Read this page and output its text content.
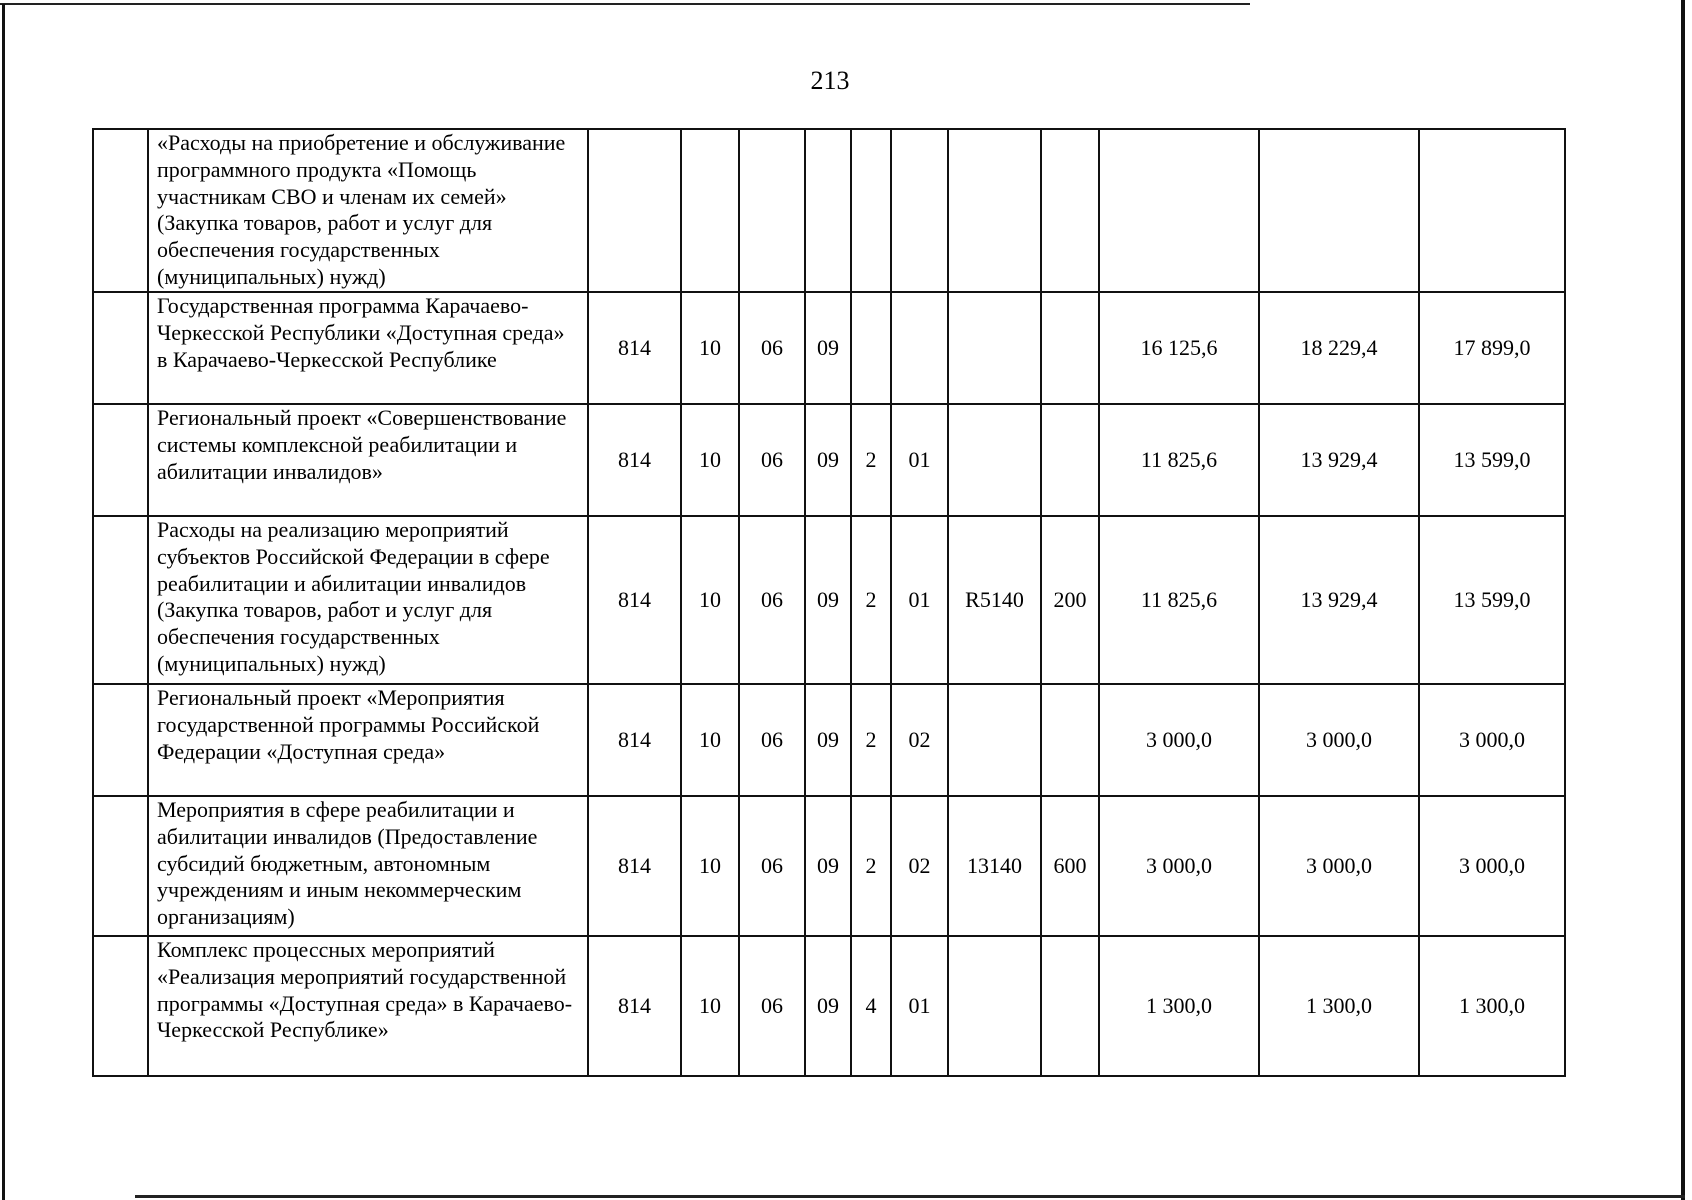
213
	«Расходы на приобретение и обслуживание программного продукта «Помощь участникам СВО и членам их семей» (Закупка товаров, работ и услуг для обеспечения государственных (муниципальных) нужд)											
	Государственная программа Карачаево-Черкесской Республики «Доступная среда» в Карачаево-Черкесской Республике	814	10	06	09					16 125,6	18 229,4	17 899,0
	Региональный проект «Совершенствование системы комплексной реабилитации и абилитации инвалидов»	814	10	06	09	2	01			11 825,6	13 929,4	13 599,0
	Расходы на реализацию мероприятий субъектов Российской Федерации в сфере реабилитации и абилитации инвалидов (Закупка товаров, работ и услуг для обеспечения государственных (муниципальных) нужд)	814	10	06	09	2	01	R5140	200	11 825,6	13 929,4	13 599,0
	Региональный проект «Мероприятия государственной программы Российской Федерации «Доступная среда»	814	10	06	09	2	02			3 000,0	3 000,0	3 000,0
	Мероприятия в сфере реабилитации и абилитации инвалидов (Предоставление субсидий бюджетным, автономным учреждениям и иным некоммерческим организациям)	814	10	06	09	2	02	13140	600	3 000,0	3 000,0	3 000,0
	Комплекс процессных мероприятий «Реализация мероприятий государственной программы «Доступная среда» в Карачаево-Черкесской Республике»	814	10	06	09	4	01			1 300,0	1 300,0	1 300,0
